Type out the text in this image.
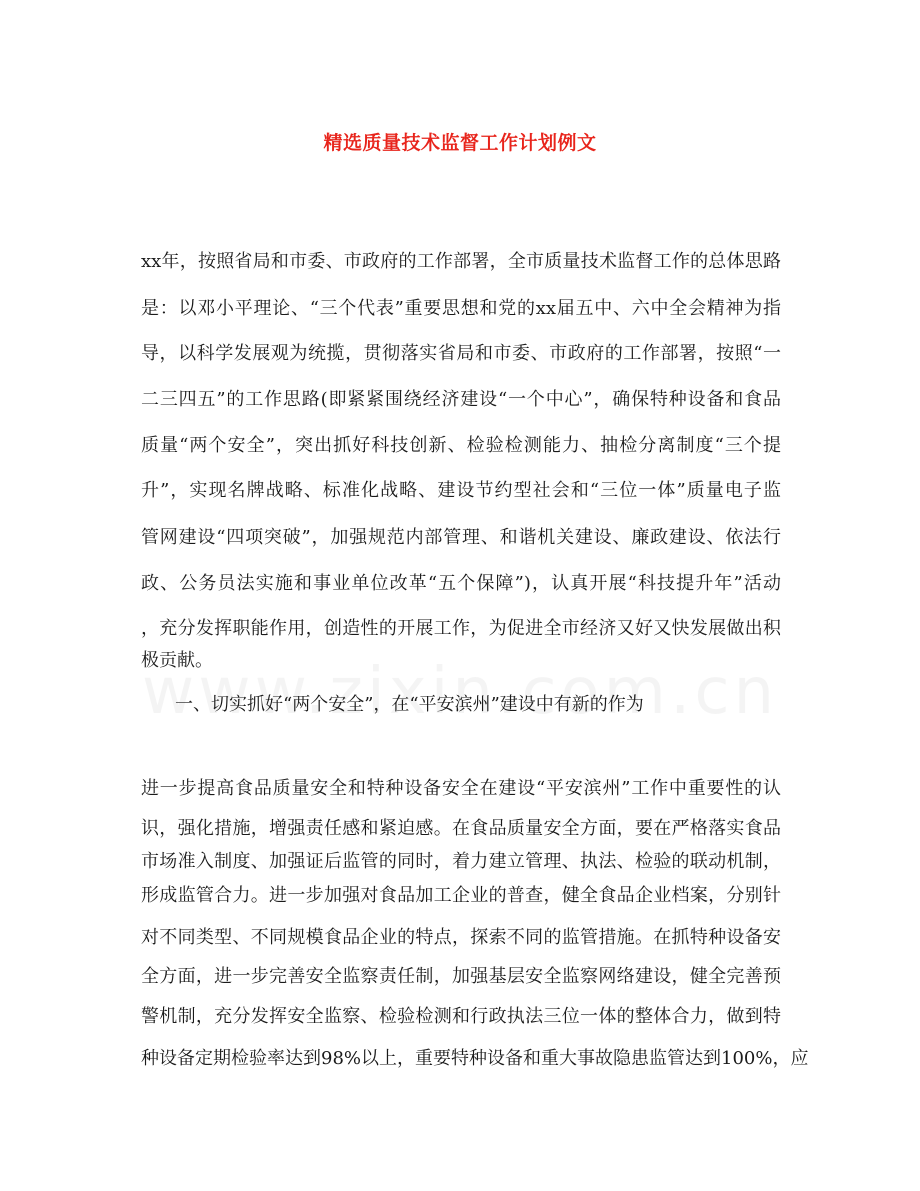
精选质量技术监督工作计划例文

xx年，按照省局和市委、市政府的工作部署，全市质量技术监督工作的总体思路

是：以邓小平理论、“三个代表”重要思想和党的xx届五中、六中全会精神为指

导，以科学发展观为统揽，贯彻落实省局和市委、市政府的工作部署，按照“一

二三四五”的工作思路(即紧紧围绕经济建设“一个中心”，确保特种设备和食品

质量“两个安全”，突出抓好科技创新、检验检测能力、抽检分离制度“三个提

升”，实现名牌战略、标准化战略、建设节约型社会和“三位一体”质量电子监

管网建设“四项突破”，加强规范内部管理、和谐机关建设、廉政建设、依法行

政、公务员法实施和事业单位改革“五个保障”)，认真开展“科技提升年”活动

，充分发挥职能作用，创造性的开展工作，为促进全市经济又好又快发展做出积

极贡献。

一、切实抓好“两个安全”，在“平安滨州”建设中有新的作为

进一步提高食品质量安全和特种设备安全在建设“平安滨州”工作中重要性的认

识，强化措施，增强责任感和紧迫感。在食品质量安全方面，要在严格落实食品

市场准入制度、加强证后监管的同时，着力建立管理、执法、检验的联动机制，

形成监管合力。进一步加强对食品加工企业的普查，健全食品企业档案，分别针

对不同类型、不同规模食品企业的特点，探索不同的监管措施。在抓特种设备安

全方面，进一步完善安全监察责任制，加强基层安全监察网络建设，健全完善预

警机制，充分发挥安全监察、检验检测和行政执法三位一体的整体合力，做到特

种设备定期检验率达到98%以上，重要特种设备和重大事故隐患监管达到100%，应
